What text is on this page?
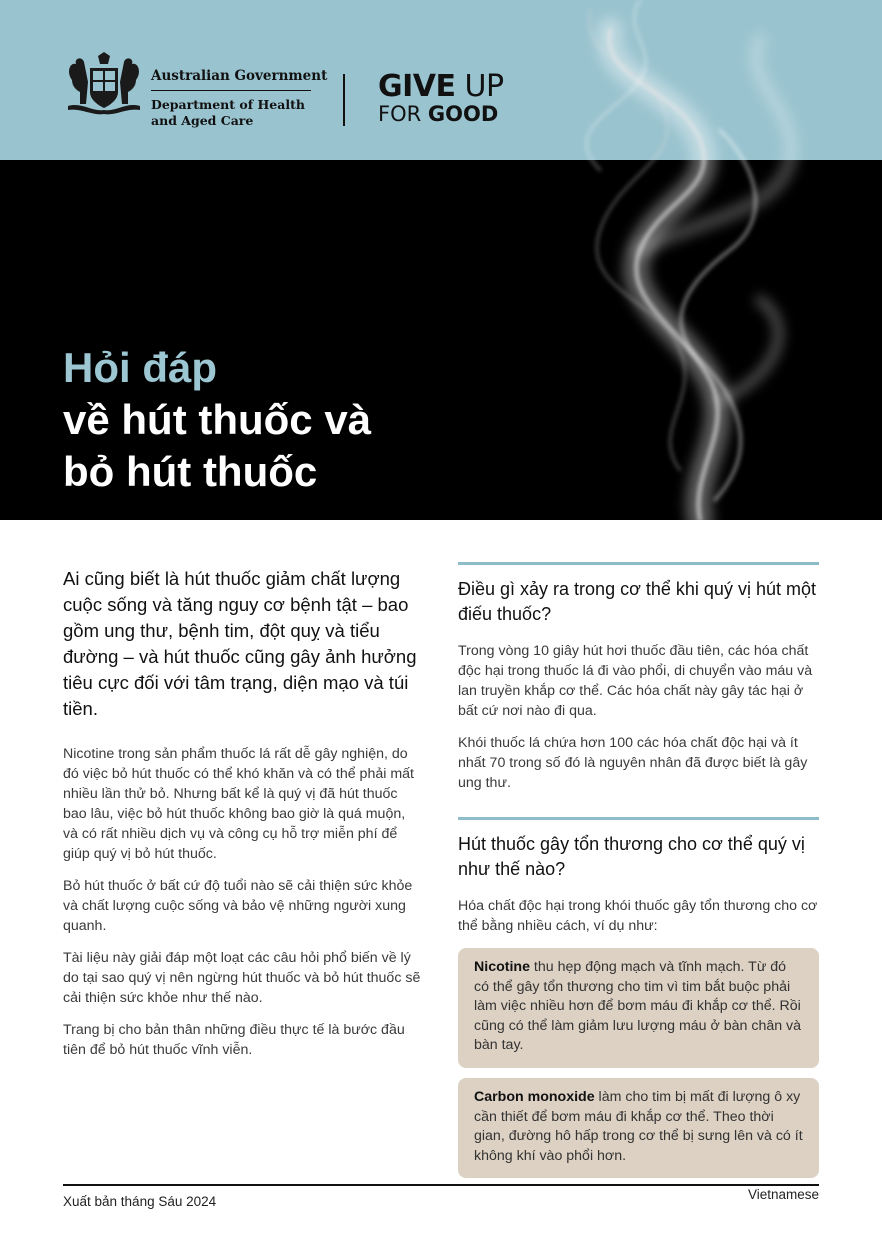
Australian Government
Department of Health
and Aged Care
GIVE UP
FOR GOOD
Hỏi đáp
về hút thuốc và
bỏ hút thuốc

Ai cũng biết là hút thuốc giảm chất lượng cuộc sống và tăng nguy cơ bệnh tật – bao gồm ung thư, bệnh tim, đột quỵ và tiểu đường – và hút thuốc cũng gây ảnh hưởng tiêu cực đối với tâm trạng, diện mạo và túi tiền.

Nicotine trong sản phẩm thuốc lá rất dễ gây nghiện, do đó việc bỏ hút thuốc có thể khó khăn và có thể phải mất nhiều lần thử bỏ. Nhưng bất kể là quý vị đã hút thuốc bao lâu, việc bỏ hút thuốc không bao giờ là quá muộn, và có rất nhiều dịch vụ và công cụ hỗ trợ miễn phí để giúp quý vị bỏ hút thuốc.

Bỏ hút thuốc ở bất cứ độ tuổi nào sẽ cải thiện sức khỏe và chất lượng cuộc sống và bảo vệ những người xung quanh.

Tài liệu này giải đáp một loạt các câu hỏi phổ biến về lý do tại sao quý vị nên ngừng hút thuốc và bỏ hút thuốc sẽ cải thiện sức khỏe như thế nào.

Trang bị cho bản thân những điều thực tế là bước đầu tiên để bỏ hút thuốc vĩnh viễn.

Điều gì xảy ra trong cơ thể khi quý vị hút một điếu thuốc?

Trong vòng 10 giây hút hơi thuốc đầu tiên, các hóa chất độc hại trong thuốc lá đi vào phổi, di chuyển vào máu và lan truyền khắp cơ thể. Các hóa chất này gây tác hại ở bất cứ nơi nào đi qua.

Khói thuốc lá chứa hơn 100 các hóa chất độc hại và ít nhất 70 trong số đó là nguyên nhân đã được biết là gây ung thư.

Hút thuốc gây tổn thương cho cơ thể quý vị như thế nào?

Hóa chất độc hại trong khói thuốc gây tổn thương cho cơ thể bằng nhiều cách, ví dụ như:

Nicotine thu hẹp động mạch và tĩnh mạch. Từ đó có thể gây tổn thương cho tim vì tim bắt buộc phải làm việc nhiều hơn để bơm máu đi khắp cơ thể. Rồi cũng có thể làm giảm lưu lượng máu ở bàn chân và bàn tay.
Carbon monoxide làm cho tim bị mất đi lượng ô xy cần thiết để bơm máu đi khắp cơ thể. Theo thời gian, đường hô hấp trong cơ thể bị sưng lên và có ít không khí vào phổi hơn.
Xuất bản tháng Sáu 2024	Vietnamese
